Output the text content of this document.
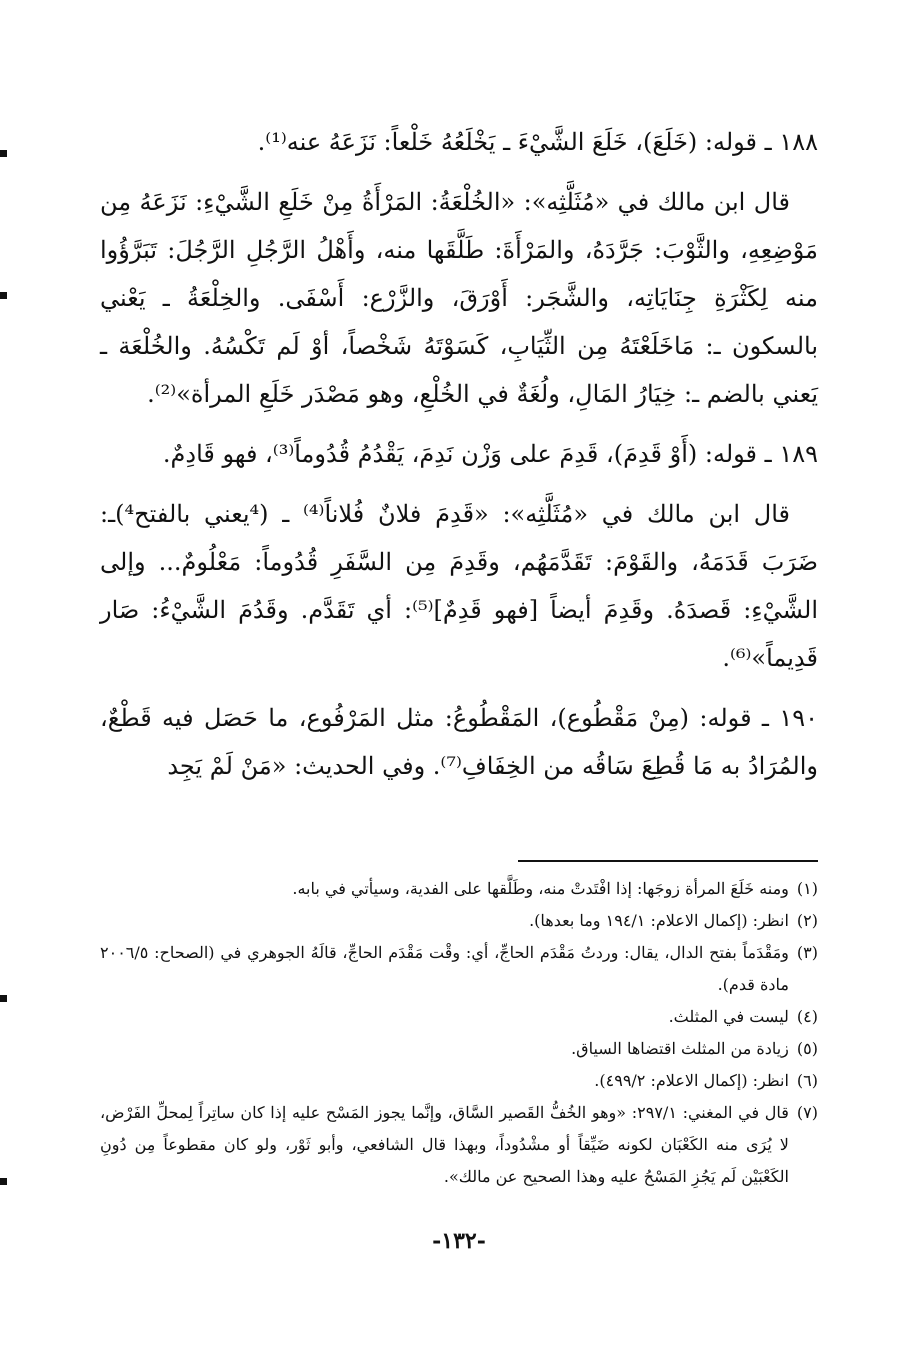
١٨٨ ـ قوله: (خَلَعَ)، خَلَعَ الشَّيْءَ ـ يَخْلَعُهُ خَلْعاً: نَزَعَهُ عنه⁽¹⁾.

قال ابن مالك في «مُثَلَّثِه»: «الخُلْعَةُ: المَرْأَةُ مِنْ خَلَعِ الشَّيْءِ: نَزَعَهُ مِن مَوْضِعِهِ، والثَّوْبَ: جَرَّدَهُ، والمَرْأَةَ: طَلَّقَها منه، وأَهْلُ الرَّجُلِ الرَّجُلَ: تَبَرَّؤُوا منه لِكَثْرَةِ جِنَايَاتِه، والشَّجَر: أَوْرَقَ، والزَّرْع: أَسْفَى. والخِلْعَةُ ـ يَعْني بالسكون ـ: مَاخَلَعْتَهُ مِن الثِّيَابِ، كَسَوْتَهُ شَخْصاً، أوْ لَم تَكْسُهُ. والخُلْعَة ـ يَعني بالضم ـ: خِيَارُ المَالِ، ولُغَةٌ في الخُلْعِ، وهو مَصْدَر خَلَعِ المرأة»⁽²⁾.

١٨٩ ـ قوله: (أَوْ قَدِمَ)، قَدِمَ على وَزْن نَدِمَ، يَقْدُمُ قُدُوماً⁽³⁾، فهو قَادِمٌ.

قال ابن مالك في «مُثَلَّثِه»: «قَدِمَ فلانٌ فُلاناً⁽⁴⁾ ـ (⁴يعني بالفتح⁴)ـ: ضَرَبَ قَدَمَهُ، والقَوْمَ: تَقَدَّمَهُم، وقَدِمَ مِن السَّفَرِ قُدُوماً: مَعْلُومٌ... وإلى الشَّيْءِ: قَصدَهُ. وقَدِمَ أيضاً [فهو قَدِمٌ]⁽⁵⁾: أي تَقَدَّم. وقَدُمَ الشَّيْءُ: صَار قَدِيماً»⁽⁶⁾.

١٩٠ ـ قوله: (مِنْ مَقْطُوع)، المَقْطُوعُ: مثل المَرْفُوع، ما حَصَل فيه قَطْعٌ، والمُرَادُ به مَا قُطِعَ سَاقُه من الخِفَافِ⁽⁷⁾. وفي الحديث: «مَنْ لَمْ يَجِد

(١)
ومنه خَلَعَ المرأة زوجَها: إذا افْتَدتْ منه، وطَلَّقها على الفدية، وسيأتي في بابه.
(٢)
انظر: (إكمال الاعلام: ١٩٤/١ وما بعدها).
(٣)
ومَقْدَماً بفتح الدال، يقال: وردتُ مَقْدَم الحاجِّ، أي: وقْت مَقْدَم الحاجِّ، قالَهُ الجوهري في (الصحاح: ٢٠٠٦/٥ مادة قدم).
(٤)
ليست في المثلث.
(٥)
زيادة من المثلث اقتضاها السياق.
(٦)
انظر: (إكمال الاعلام: ٤٩٩/٢).
(٧)
قال في المغني: ٢٩٧/١: «وهو الخُفُّ القَصير السَّاق، وإنَّما يجوز المَسْح عليه إذا كان ساتِراً لِمحلِّ الفَرْض، لا يُرَى منه الكَعْبَان لكونه ضَيِّقاً أو مشْدُوداً، وبهذا قال الشافعي، وأبو ثَوْر، ولو كان مقطوعاً مِن دُونِ الكَعْبَيْن لَم يَجُزِ المَسْحُ عليه وهذا الصحيح عن مالك».
-١٣٢-
